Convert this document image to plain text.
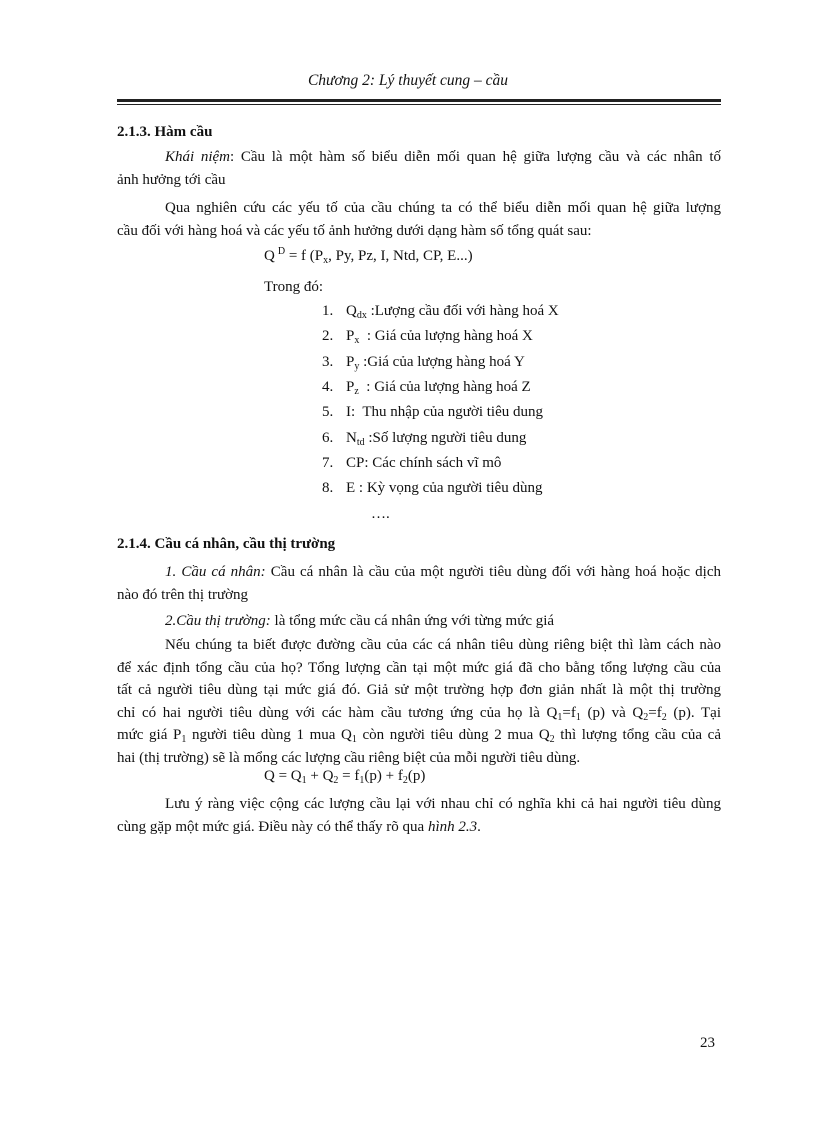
Chương 2: Lý thuyết cung – cầu
2.1.3. Hàm cầu
Khái niệm: Cầu là một hàm số biểu diễn mối quan hệ giữa lượng cầu và các nhân tố
ảnh hưởng tới cầu
Qua nghiên cứu các yếu tố của cầu chúng ta có thể biểu diễn mối quan hệ giữa lượng
cầu đối với hàng hoá và các yếu tố ảnh hưởng dưới dạng hàm số tổng quát sau:
Q $^D$ = f ($P_x$, Py, Pz, I, Ntd, CP, E...)
Trong đó:
1. $Q_{dx}$ :Lượng cầu đối với hàng hoá X
2. $P_x$  : Giá của lượng hàng hoá X
3. $P_y$ :Giá của lượng hàng hoá Y
4. $P_z$  : Giá của lượng hàng hoá Z
5. I:  Thu nhập của người tiêu dung
6. $N_{td}$ :Số lượng người tiêu dung
7. CP: Các chính sách vĩ mô
8. E : Kỳ vọng của người tiêu dùng
….
2.1.4. Cầu cá nhân, cầu thị trường
1. Cầu cá nhân: Cầu cá nhân là cầu của một người tiêu dùng đối với hàng hoá hoặc dịch
nào đó trên thị trường
2.Cầu thị trường: là tổng mức cầu cá nhân ứng với từng mức giá
Nếu chúng ta biết được đường cầu của các cá nhân tiêu dùng riêng biệt thì làm cách nào
để xác định tổng cầu của họ? Tổng lượng cần tại một mức giá đã cho bằng tổng lượng cầu của
tất cả người tiêu dùng tại mức giá đó. Giả sử một trường hợp đơn giản nhất là một thị trường
chỉ có hai người tiêu dùng với các hàm cầu tương ứng của họ là $Q_1=f_1$ (p) và $Q_2=f_2$ (p). Tại
mức giá $P_1$ người tiêu dùng 1 mua $Q_1$ còn người tiêu dùng 2 mua $Q_2$ thì lượng tổng cầu của cả
hai (thị trường) sẽ là mổng các lượng cầu riêng biệt của mỗi người tiêu dùng.
$Q = Q_1 + Q_2 = f_1(p) + f_2(p)$
Lưu ý ràng việc cộng các lượng cầu lại với nhau chỉ có nghĩa khi cả hai người tiêu dùng
cùng gặp một mức giá. Điều này có thể thấy rõ qua hình 2.3.
23
